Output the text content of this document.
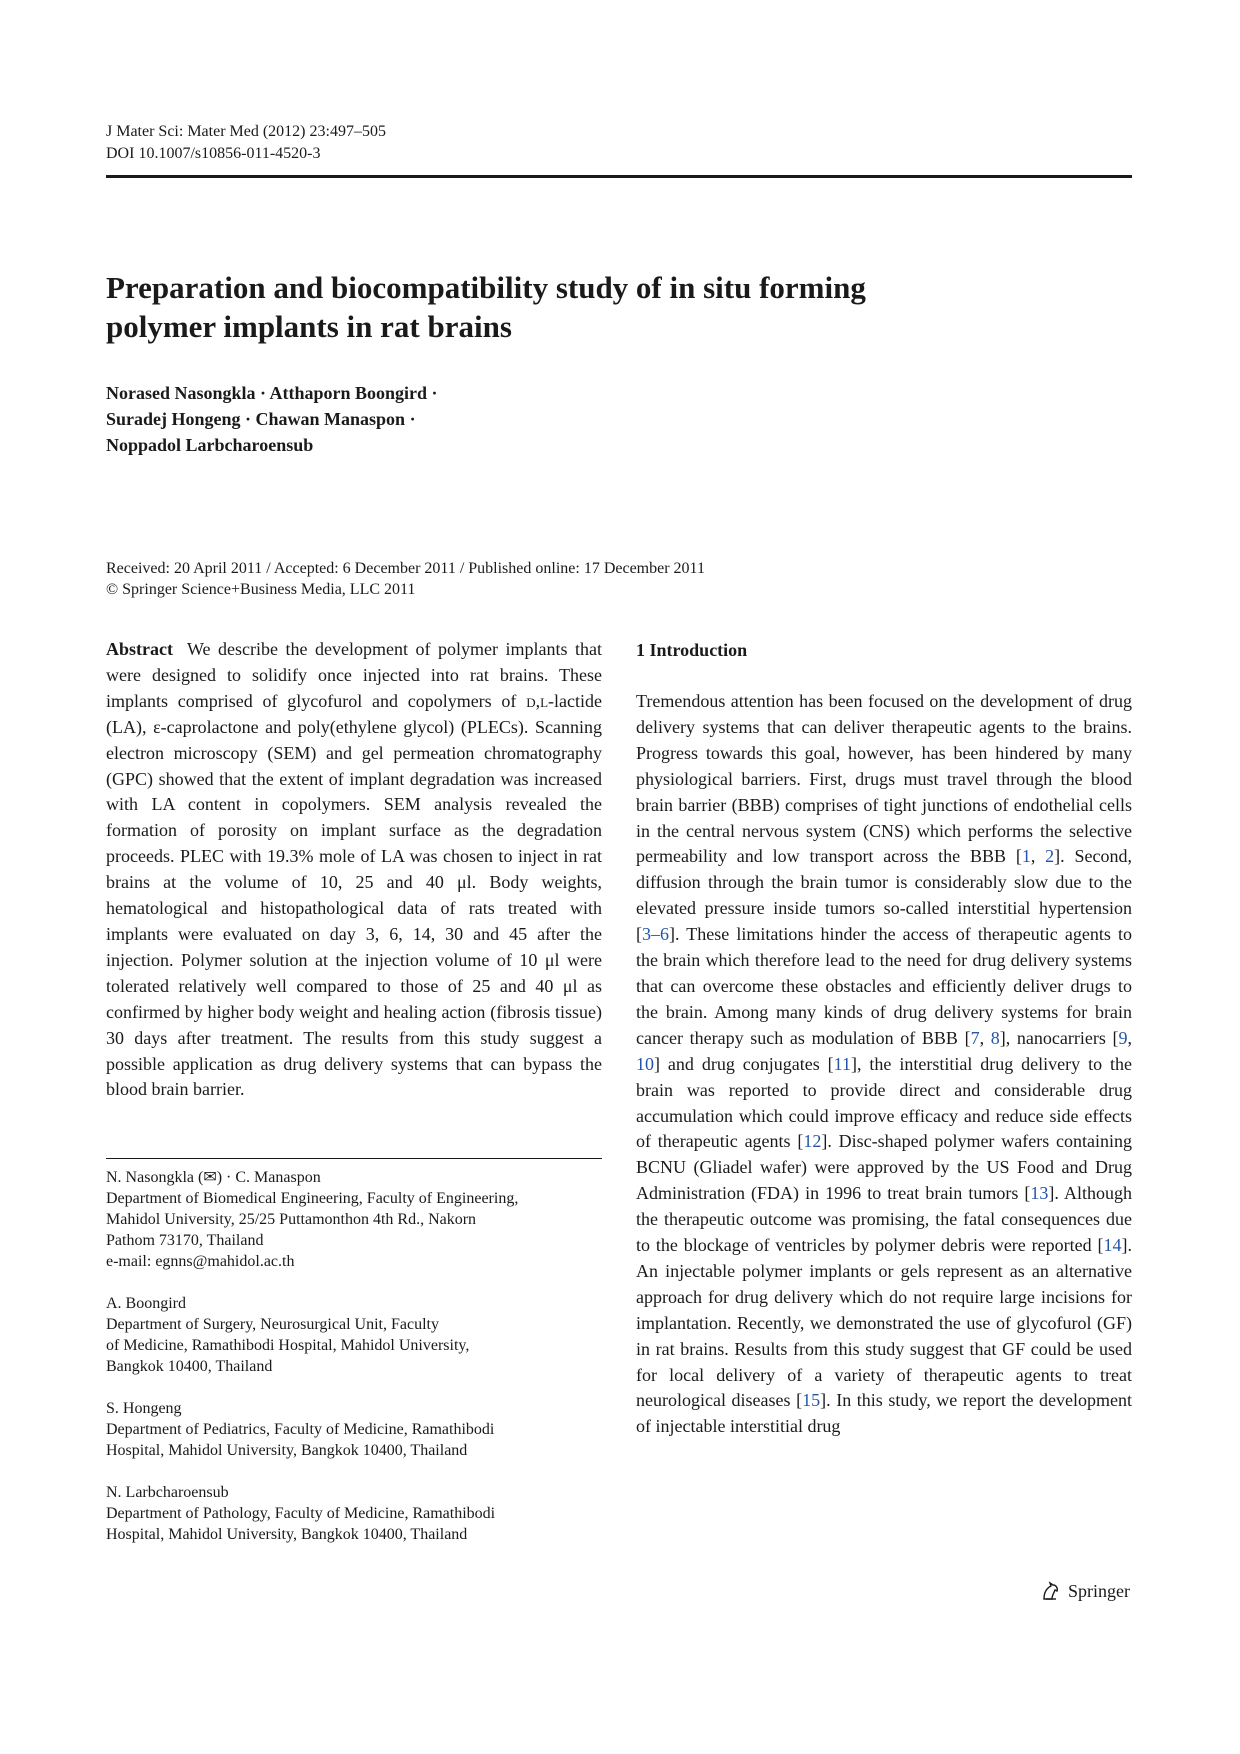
J Mater Sci: Mater Med (2012) 23:497–505
DOI 10.1007/s10856-011-4520-3
Preparation and biocompatibility study of in situ forming
polymer implants in rat brains
Norased Nasongkla · Atthaporn Boongird ·
Suradej Hongeng · Chawan Manaspon ·
Noppadol Larbcharoensub
Received: 20 April 2011 / Accepted: 6 December 2011 / Published online: 17 December 2011
© Springer Science+Business Media, LLC 2011

Abstract We describe the development of polymer implants that were designed to solidify once injected into rat brains. These implants comprised of glycofurol and copolymers of d,l-lactide (LA), ε-caprolactone and poly(ethylene glycol) (PLECs). Scanning electron microscopy (SEM) and gel permeation chromatography (GPC) showed that the extent of implant degradation was increased with LA content in copolymers. SEM analysis revealed the formation of porosity on implant surface as the degradation proceeds. PLEC with 19.3% mole of LA was chosen to inject in rat brains at the volume of 10, 25 and 40 μl. Body weights, hematological and histopathological data of rats treated with implants were evaluated on day 3, 6, 14, 30 and 45 after the injection. Polymer solution at the injection volume of 10 μl were tolerated relatively well compared to those of 25 and 40 μl as confirmed by higher body weight and healing action (fibrosis tissue) 30 days after treatment. The results from this study suggest a possible application as drug delivery systems that can bypass the blood brain barrier.

N. Nasongkla (✉) · C. Manaspon
Department of Biomedical Engineering, Faculty of Engineering,
Mahidol University, 25/25 Puttamonthon 4th Rd., Nakorn
Pathom 73170, Thailand
e-mail: egnns@mahidol.ac.th
A. Boongird
Department of Surgery, Neurosurgical Unit, Faculty
of Medicine, Ramathibodi Hospital, Mahidol University,
Bangkok 10400, Thailand
S. Hongeng
Department of Pediatrics, Faculty of Medicine, Ramathibodi
Hospital, Mahidol University, Bangkok 10400, Thailand
N. Larbcharoensub
Department of Pathology, Faculty of Medicine, Ramathibodi
Hospital, Mahidol University, Bangkok 10400, Thailand
1 Introduction

Tremendous attention has been focused on the development of drug delivery systems that can deliver therapeutic agents to the brains. Progress towards this goal, however, has been hindered by many physiological barriers. First, drugs must travel through the blood brain barrier (BBB) comprises of tight junctions of endothelial cells in the central nervous system (CNS) which performs the selective permeability and low transport across the BBB [1, 2]. Second, diffusion through the brain tumor is considerably slow due to the elevated pressure inside tumors so-called interstitial hypertension [3–6]. These limitations hinder the access of therapeutic agents to the brain which therefore lead to the need for drug delivery systems that can overcome these obstacles and efficiently deliver drugs to the brain. Among many kinds of drug delivery systems for brain cancer therapy such as modulation of BBB [7, 8], nanocarriers [9, 10] and drug conjugates [11], the interstitial drug delivery to the brain was reported to provide direct and considerable drug accumulation which could improve efficacy and reduce side effects of therapeutic agents [12]. Disc-shaped polymer wafers containing BCNU (Gliadel wafer) were approved by the US Food and Drug Administration (FDA) in 1996 to treat brain tumors [13]. Although the therapeutic outcome was promising, the fatal consequences due to the blockage of ventricles by polymer debris were reported [14]. An injectable polymer implants or gels represent as an alternative approach for drug delivery which do not require large incisions for implantation. Recently, we demonstrated the use of glycofurol (GF) in rat brains. Results from this study suggest that GF could be used for local delivery of a variety of therapeutic agents to treat neurological diseases [15]. In this study, we report the development of injectable interstitial drug

Springer
